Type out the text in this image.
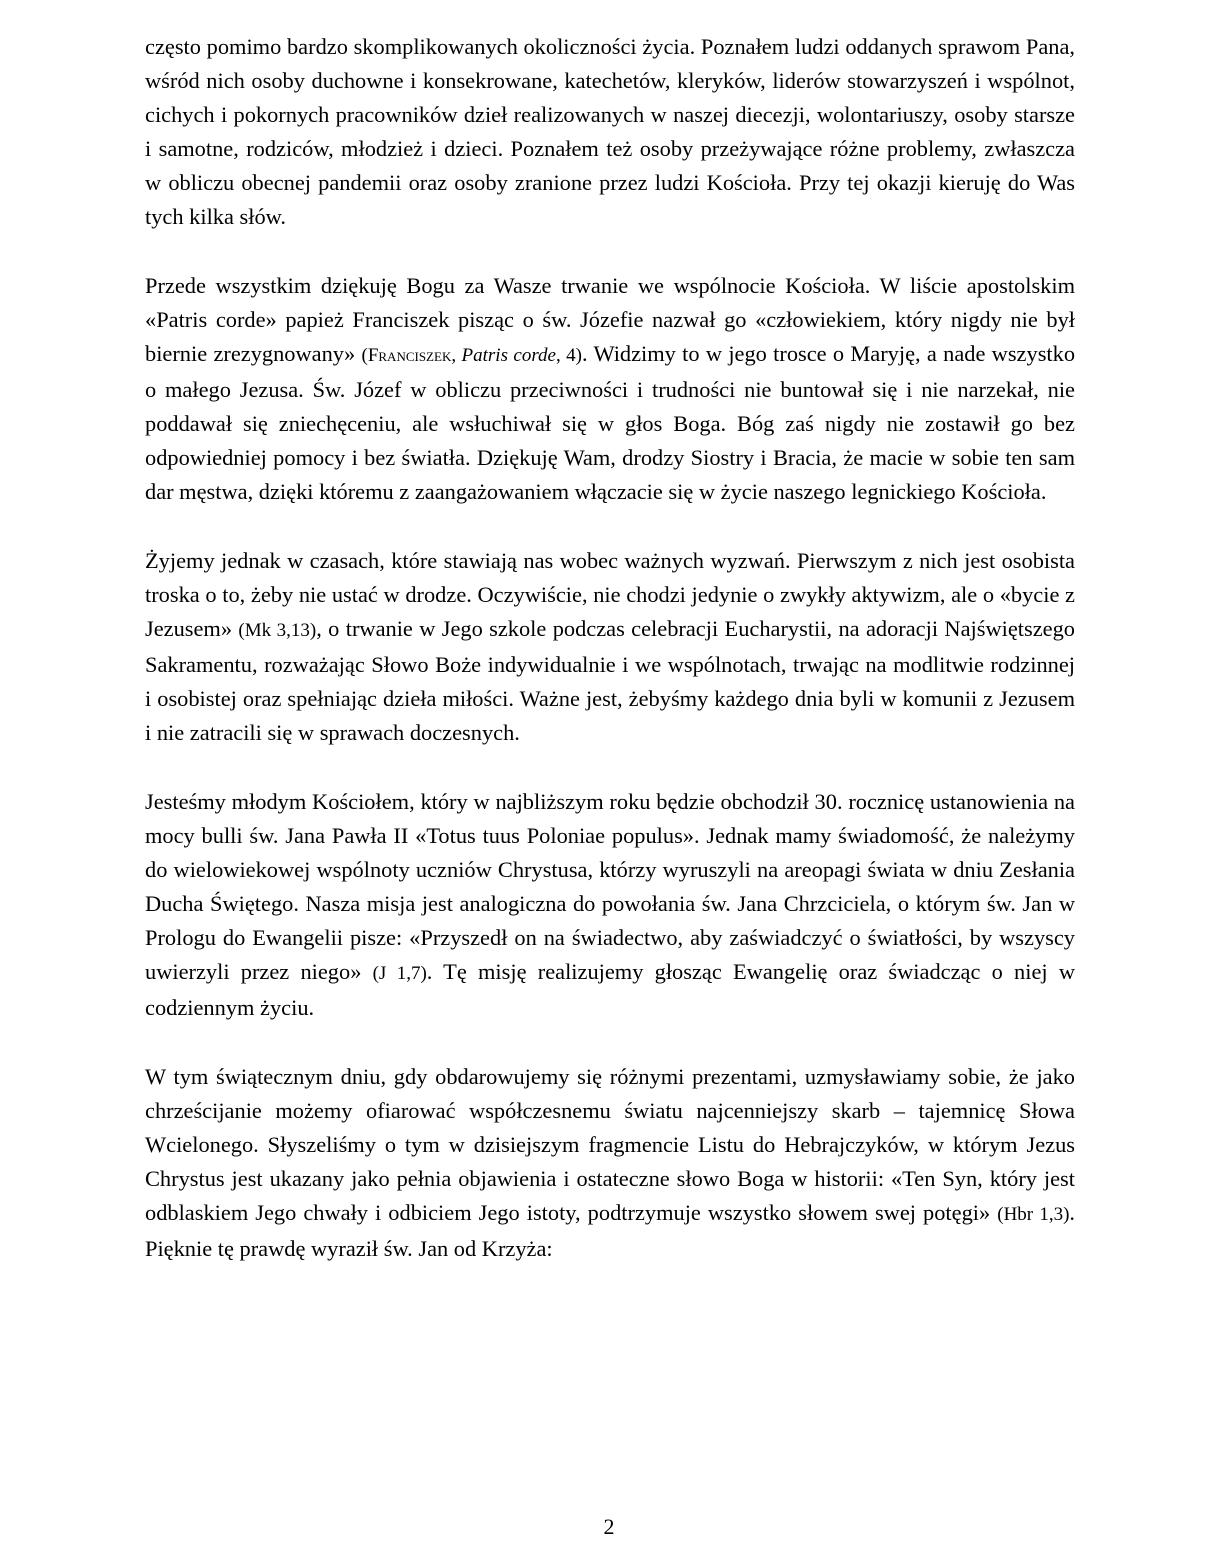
często pomimo bardzo skomplikowanych okoliczności życia. Poznałem ludzi oddanych sprawom Pana, wśród nich osoby duchowne i konsekrowane, katechetów, kleryków, liderów stowarzyszeń i wspólnot, cichych i pokornych pracowników dzieł realizowanych w naszej diecezji, wolontariuszy, osoby starsze i samotne, rodziców, młodzież i dzieci. Poznałem też osoby przeżywające różne problemy, zwłaszcza w obliczu obecnej pandemii oraz osoby zranione przez ludzi Kościoła. Przy tej okazji kieruję do Was tych kilka słów.

Przede wszystkim dziękuję Bogu za Wasze trwanie we wspólnocie Kościoła. W liście apostolskim «Patris corde» papież Franciszek pisząc o św. Józefie nazwał go «człowiekiem, który nigdy nie był biernie zrezygnowany» (Franciszek, Patris corde, 4). Widzimy to w jego trosce o Maryję, a nade wszystko o małego Jezusa. Św. Józef w obliczu przeciwności i trudności nie buntował się i nie narzekał, nie poddawał się zniechęceniu, ale wsłuchiwał się w głos Boga. Bóg zaś nigdy nie zostawił go bez odpowiedniej pomocy i bez światła. Dziękuję Wam, drodzy Siostry i Bracia, że macie w sobie ten sam dar męstwa, dzięki któremu z zaangażowaniem włączacie się w życie naszego legnickiego Kościoła.

Żyjemy jednak w czasach, które stawiają nas wobec ważnych wyzwań. Pierwszym z nich jest osobista troska o to, żeby nie ustać w drodze. Oczywiście, nie chodzi jedynie o zwykły aktywizm, ale o «bycie z Jezusem» (Mk 3,13), o trwanie w Jego szkole podczas celebracji Eucharystii, na adoracji Najświętszego Sakramentu, rozważając Słowo Boże indywidualnie i we wspólnotach, trwając na modlitwie rodzinnej i osobistej oraz spełniając dzieła miłości. Ważne jest, żebyśmy każdego dnia byli w komunii z Jezusem i nie zatracili się w sprawach doczesnych.

Jesteśmy młodym Kościołem, który w najbliższym roku będzie obchodził 30. rocznicę ustanowienia na mocy bulli św. Jana Pawła II «Totus tuus Poloniae populus». Jednak mamy świadomość, że należymy do wielowiekowej wspólnoty uczniów Chrystusa, którzy wyruszyli na areopagi świata w dniu Zesłania Ducha Świętego. Nasza misja jest analogiczna do powołania św. Jana Chrzciciela, o którym św. Jan w Prologu do Ewangelii pisze: «Przyszedł on na świadectwo, aby zaświadczyć o światłości, by wszyscy uwierzyli przez niego» (J 1,7). Tę misję realizujemy głosząc Ewangelię oraz świadcząc o niej w codziennym życiu.

W tym świątecznym dniu, gdy obdarowujemy się różnymi prezentami, uzmysławiamy sobie, że jako chrześcijanie możemy ofiarować współczesnemu światu najcenniejszy skarb – tajemnicę Słowa Wcielonego. Słyszeliśmy o tym w dzisiejszym fragmencie Listu do Hebrajczyków, w którym Jezus Chrystus jest ukazany jako pełnia objawienia i ostateczne słowo Boga w historii: «Ten Syn, który jest odblaskiem Jego chwały i odbiciem Jego istoty, podtrzymuje wszystko słowem swej potęgi» (Hbr 1,3). Pięknie tę prawdę wyraził św. Jan od Krzyża:

2
